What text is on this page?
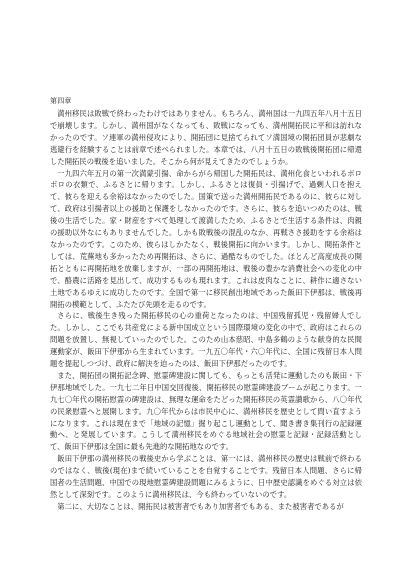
第四章

満州移民は敗戦で終わったわけではありません。もちろん、満州国は一九四五年八月十五日で崩壊します。しかし、満州国がなくなっても、敗戦になっても、満州開拓民に平和は訪れなかったのです。ソ連軍の満州侵攻により、開拓団に見捨てられてソ満国境の開拓団員が悲劇な逃避行を経験することは前章で述べられました。本章では、八月十五日の敗戦後開拓団に帰還した開拓民の戦後を追いました。そこから何が見えてきたのでしょうか。

一九四六年五月の第一次満蒙引揚、命からがら帰国した開拓民は、満州化食といわれるボロボロの衣類で、ふるさとに帰ります。しかし、ふるさとは復員・引揚げで、過剰人口を抱えて、彼らを迎える余裕はなかったのでした。国策で送った満州開拓民であるのに、彼らに対して、政府は引揚者以上の援助と保護をしなかったのです。さらに、彼らを追いつめたのは、戦後の生活でした。家・財産をすべて処理して渡満したため、ふるさとで生活する条件は、肉親の援助以外なにもありませんでした。しかも敗戦後の混乱のなか、再戦ささ援助をする余裕はなかったのです。このため、彼らはしかたなく、戦後開拓に向かいます。しかし、開拓条件としては、荒蕪地も多かったため再開拓は、さらに、過酷なものでした。ほとんど高度成長の開拓とともに再開拓地を放棄しますが、一部の再開拓地は、戦後の豊かな消費社会への変化の中で、酪農に活路を見出して、成功するものも現れます。これは皮肉なことに、耕作に適さない土地であるゆえに成功したのです。全国で第一に移民創出地域であった飯田下伊那は、戦後再開拓の模範として、ふたたび先頭を走るのです。

さらに、戦後生き残った開拓移民の心の重荷となったのは、中国残留孤児・残留婦人でした。しかし、ここでも共産党による新中国成立という国際環境の変化の中で、政府はこれらの問題を放置し、無視していったのでした。このため山本慈昭、中島多鶴のような献身的な民間運動家が、飯田下伊那から生まれています。一九五〇年代・六〇年代に、全国に残留日本人問題を提起しつづけ、政府に解決を迫ったのは、飯田下伊那だったのです。

また、開拓団の開拓記念碑、慰霊碑建設に関しても、もっとも活発に運動したのも飯田・下伊那地域でした。一九七二年日中国交回復後、開拓移民の慰霊碑建設ブームが起こります。一九七〇年代の開拓慰霊の碑建設は、無理な運命をたどった開拓移民の英霊讃歌から、八〇年代の民衆慰霊へと展開します。九〇年代からは市民中心に、満州移民を歴史として問い直すようになります。これは現在まで「地域の記憶」掘り起こし運動として、聞き書き集刊行の記録運動へ、と発展しています。こうして満州移民をめぐる地域社会の慰霊と記録・記録活動として、飯田下伊那は全国に最も先進的な開拓地なのです。

飯田下伊那の満州移民の戦後史から学ぶことは、第一には、満州移民の歴史は戦前で終わるのではなく、戦後(現在)まで続いていることを自覚することです。残留日本人問題、さらに帰国者の生活問題、中国での現地慰霊碑建設問題にみるように、日中歴史認識をめぐる対立は依然として深刻です。このように満州移民は、今も終わっていないのです。

第二に、大切なことは、開拓民は被害者でもあり加害者でもある、また被害者であるが
